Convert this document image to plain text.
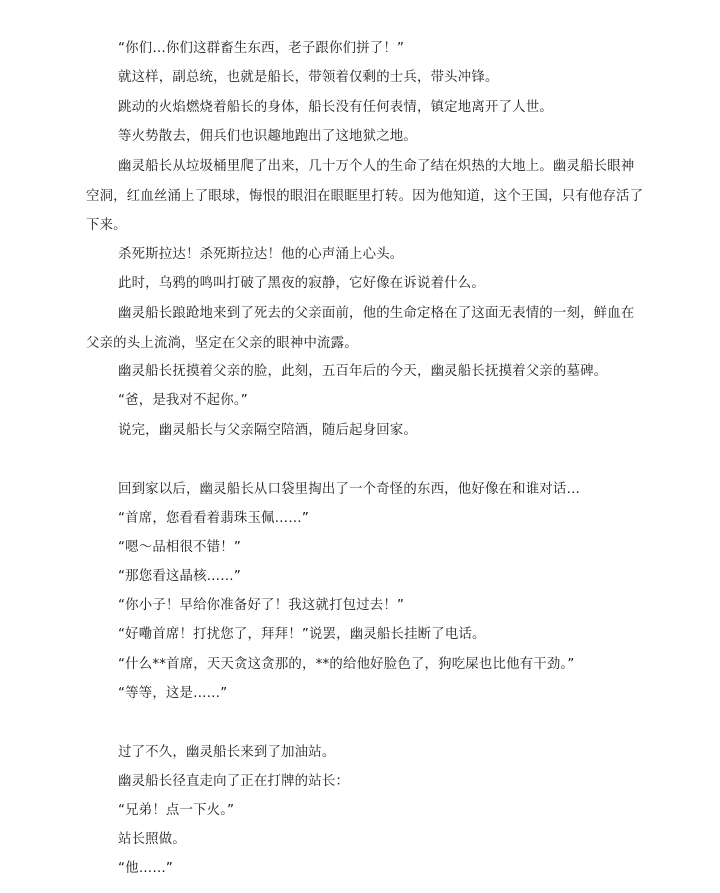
“你们…你们这群畜生东西，老子跟你们拼了！”

就这样，副总统，也就是船长，带领着仅剩的士兵，带头冲锋。

跳动的火焰燃烧着船长的身体，船长没有任何表情，镇定地离开了人世。

等火势散去，佣兵们也识趣地跑出了这地狱之地。

幽灵船长从垃圾桶里爬了出来，几十万个人的生命了结在炽热的大地上。幽灵船长眼神空洞，红血丝涌上了眼球，悔恨的眼泪在眼眶里打转。因为他知道，这个王国，只有他存活了下来。

杀死斯拉达！杀死斯拉达！他的心声涌上心头。

此时，乌鸦的鸣叫打破了黑夜的寂静，它好像在诉说着什么。

幽灵船长踉跄地来到了死去的父亲面前，他的生命定格在了这面无表情的一刻，鲜血在父亲的头上流淌，坚定在父亲的眼神中流露。

幽灵船长抚摸着父亲的脸，此刻，五百年后的今天，幽灵船长抚摸着父亲的墓碑。

“爸，是我对不起你。”

说完，幽灵船长与父亲隔空陪酒，随后起身回家。

回到家以后，幽灵船长从口袋里掏出了一个奇怪的东西，他好像在和谁对话…

“首席，您看看着翡珠玉佩……”

“嗯～品相很不错！”

“那您看这晶核……”

“你小子！早给你准备好了！我这就打包过去！”

“好嘞首席！打扰您了，拜拜！”说罢，幽灵船长挂断了电话。

“什么**首席，天天贪这贪那的，**的给他好脸色了，狗吃屎也比他有干劲。”

“等等，这是……”

过了不久，幽灵船长来到了加油站。

幽灵船长径直走向了正在打牌的站长：

“兄弟！点一下火。”

站长照做。

“他……”
